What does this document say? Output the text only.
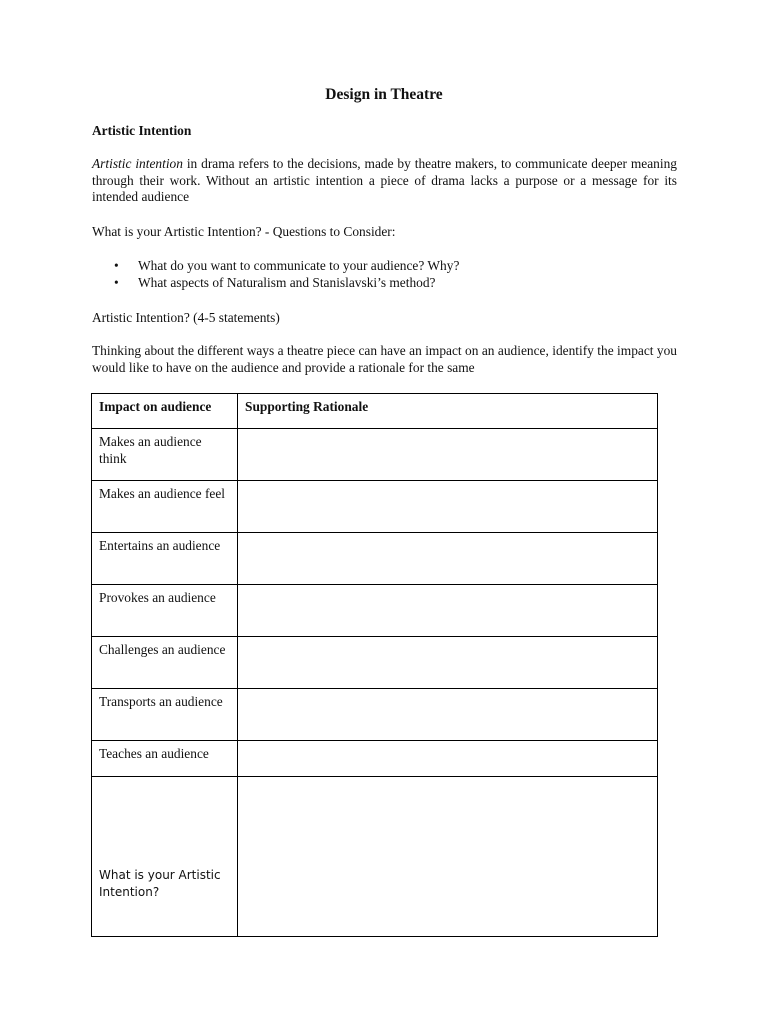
Design in Theatre
Artistic Intention

Artistic intention in drama refers to the decisions, made by theatre makers, to communicate deeper meaning through their work. Without an artistic intention a piece of drama lacks a purpose or a message for its intended audience

What is your Artistic Intention? - Questions to Consider:

• What do you want to communicate to your audience? Why?
• What aspects of Naturalism and Stanislavski’s method?

Artistic Intention? (4-5 statements)

Thinking about the different ways a theatre piece can have an impact on an audience, identify the impact you would like to have on the audience and provide a rationale for the same

Impact on audience	Supporting Rationale
Makes an audience think	
Makes an audience feel	
Entertains an audience	
Provokes an audience	
Challenges an audience	
Transports an audience	
Teaches an audience	
What is your Artistic Intention?	
